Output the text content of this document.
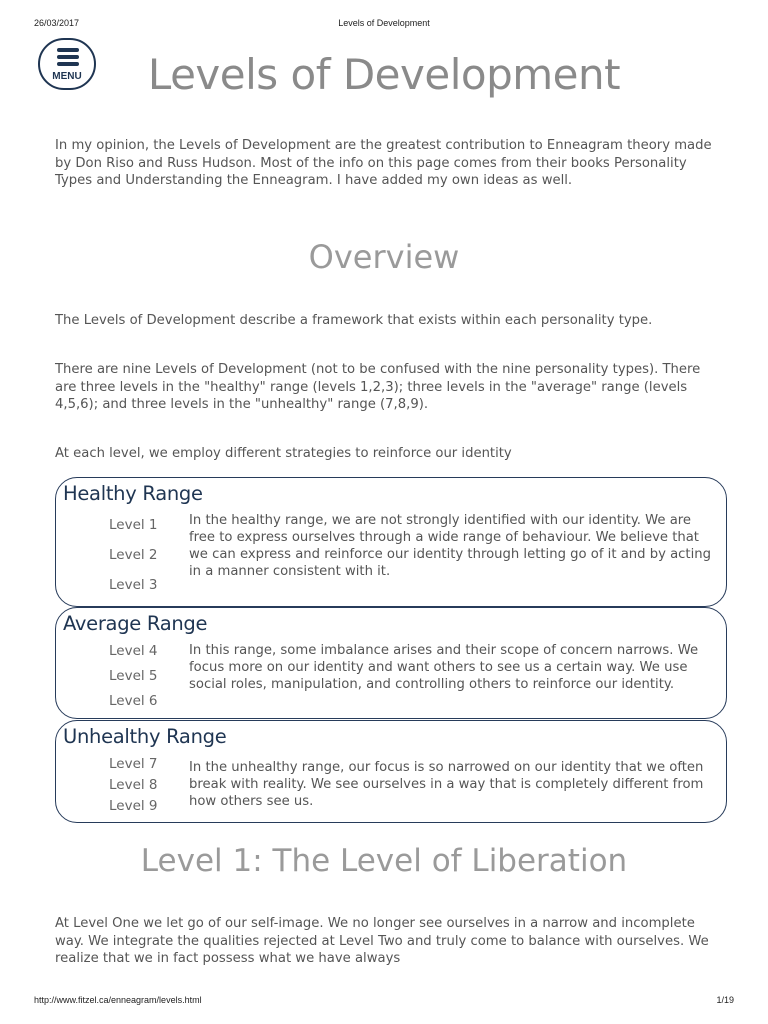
26/03/2017	Levels of Development
MENU	Levels of Development

In my opinion, the Levels of Development are the greatest contribution to Enneagram theory made by Don Riso and Russ Hudson. Most of the info on this page comes from their books Personality Types and Understanding the Enneagram. I have added my own ideas as well.

Overview

The Levels of Development describe a framework that exists within each personality type.

There are nine Levels of Development (not to be confused with the nine personality types). There are three levels in the "healthy" range (levels 1,2,3); three levels in the "average" range (levels 4,5,6); and three levels in the "unhealthy" range (7,8,9).

At each level, we employ different strategies to reinforce our identity

Healthy Range
Level 1
Level 2
Level 3

In the healthy range, we are not strongly identified with our identity. We are free to express ourselves through a wide range of behaviour. We believe that we can express and reinforce our identity through letting go of it and by acting in a manner consistent with it.

Average Range
Level 4
Level 5
Level 6

In this range, some imbalance arises and their scope of concern narrows. We focus more on our identity and want others to see us a certain way. We use social roles, manipulation, and controlling others to reinforce our identity.

Unhealthy Range
Level 7
Level 8
Level 9

In the unhealthy range, our focus is so narrowed on our identity that we often break with reality. We see ourselves in a way that is completely different from how others see us.

Level 1: The Level of Liberation

At Level One we let go of our self-image. We no longer see ourselves in a narrow and incomplete way. We integrate the qualities rejected at Level Two and truly come to balance with ourselves. We realize that we in fact possess what we have always

http://www.fitzel.ca/enneagram/levels.html	1/19
